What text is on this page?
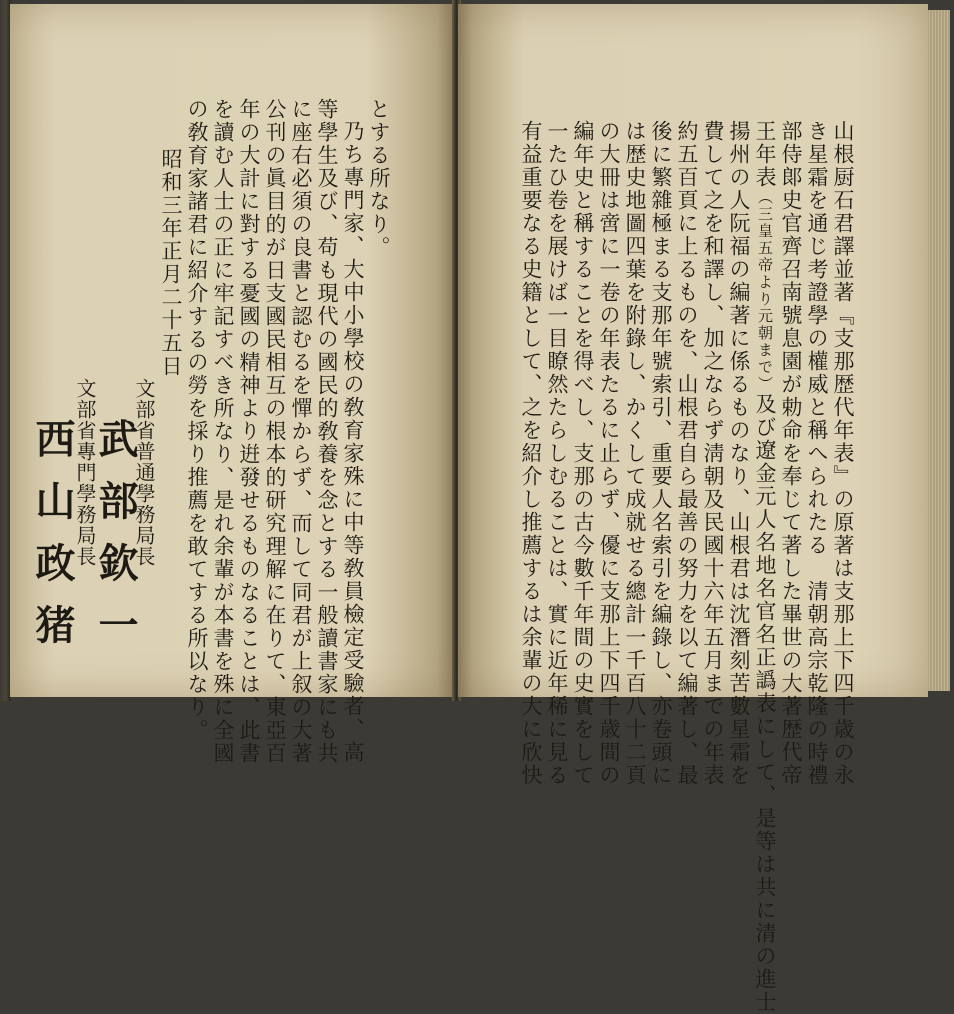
山根厨石君譯並著『支那歴代年表』の原著は支那上下四千歳の永
き星霜を通じ考證學の權威と稱へられたる　清朝高宗乾隆の時禮
部侍郞史官齊召南號息園が勅命を奉じて著した畢世の大著歴代帝
王年表（三皇五帝より元朝まで）及び遼金元人名地名官名正譌表にして、是等は共に清の進士
揚州の人阮福の編著に係るものなり、山根君は沈潛刻苦數星霜を
費して之を和譯し、加之ならず淸朝及民國十六年五月までの年表
約五百頁に上るものを、山根君自ら最善の努力を以て編著し、最
後に繁雜極まる支那年號索引、重要人名索引を編錄し、亦卷頭に
は歴史地圖四葉を附錄し、かくして成就せる總計一千百八十二頁
の大冊は啻に一卷の年表たるに止らず、優に支那上下四千歳間の
編年史と稱することを得べし、支那の古今數千年間の史實をして
一たひ卷を展けば一目瞭然たらしむることは、實に近年稀に見る
有益重要なる史籍として、之を紹介し推薦するは余輩の大に欣快
とする所なり。
乃ち專門家、大中小學校の敎育家殊に中等敎員檢定受驗者、高
等學生及び、苟も現代の國民的敎養を念とする一般讀書家にも共
に座右必須の良書と認むるを憚からず、而して同君が上叙の大著
公刊の眞目的が日支國民相互の根本的研究理解に在りて、東亞百
年の大計に對する憂國の精神より逬發せるものなることは、此書
を讀む人士の正に牢記すべき所なり、是れ余輩が本書を殊に全國
の敎育家諸君に紹介するの勞を採り推薦を敢てする所以なり。
昭和三年正月二十五日
文部省普通學務局長
武部欽一
文部省專門學務局長
西山政猪
